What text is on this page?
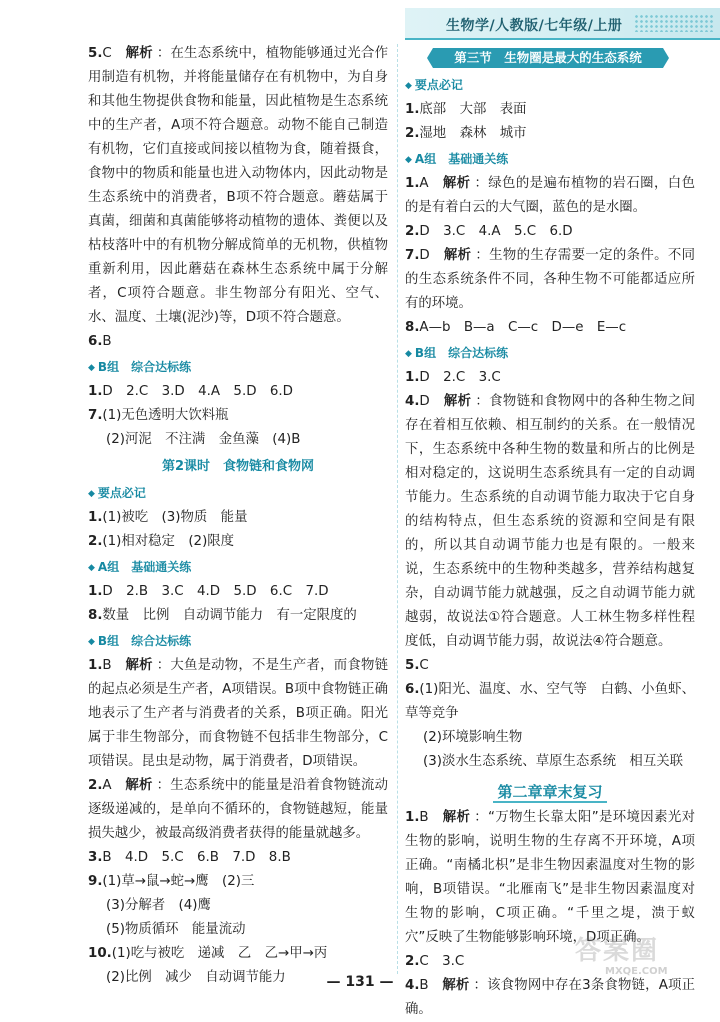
生物学/人教版/七年级/上册
5.C　解析 ：在生态系统中，植物能够通过光合作用制造有机物，并将能量储存在有机物中，为自身和其他生物提供食物和能量，因此植物是生态系统中的生产者，A项不符合题意。动物不能自己制造有机物，它们直接或间接以植物为食，随着摄食，食物中的物质和能量也进入动物体内，因此动物是生态系统中的消费者，B项不符合题意。蘑菇属于真菌，细菌和真菌能够将动植物的遗体、粪便以及枯枝落叶中的有机物分解成简单的无机物，供植物重新利用，因此蘑菇在森林生态系统中属于分解者，C项符合题意。非生物部分有阳光、空气、水、温度、土壤(泥沙)等，D项不符合题意。
6.B
◆ B组　综合达标练
1.D　2.C　3.D　4.A　5.D　6.D
7.(1)无色透明大饮料瓶
(2)河泥　不注满　金鱼藻　(4)B
第2课时　食物链和食物网
◆ 要点必记
1.(1)被吃　(3)物质　能量
2.(1)相对稳定　(2)限度
◆ A组　基础通关练
1.D　2.B　3.C　4.D　5.D　6.C　7.D
8.数量　比例　自动调节能力　有一定限度的
◆ B组　综合达标练
1.B　解析 ：大鱼是动物，不是生产者，而食物链的起点必须是生产者，A项错误。B项中食物链正确地表示了生产者与消费者的关系，B项正确。阳光属于非生物部分，而食物链不包括非生物部分，C项错误。昆虫是动物，属于消费者，D项错误。
2.A　解析 ：生态系统中的能量是沿着食物链流动逐级递减的，是单向不循环的，食物链越短，能量损失越少，被最高级消费者获得的能量就越多。
3.B　4.D　5.C　6.B　7.D　8.B
9.(1)草→鼠→蛇→鹰　(2)三
(3)分解者　(4)鹰
(5)物质循环　能量流动
10.(1)吃与被吃　递减　乙　乙→甲→丙
(2)比例　减少　自动调节能力
第三节　生物圈是最大的生态系统
◆ 要点必记
1.底部　大部　表面
2.湿地　森林　城市
◆ A组　基础通关练
1.A　解析 ：绿色的是遍布植物的岩石圈，白色的是有着白云的大气圈，蓝色的是水圈。
2.D　3.C　4.A　5.C　6.D
7.D　解析 ：生物的生存需要一定的条件。不同的生态系统条件不同，各种生物不可能都适应所有的环境。
8.A—b　B—a　C—c　D—e　E—c
◆ B组　综合达标练
1.D　2.C　3.C
4.D　解析 ：食物链和食物网中的各种生物之间存在着相互依赖、相互制约的关系。在一般情况下，生态系统中各种生物的数量和所占的比例是相对稳定的，这说明生态系统具有一定的自动调节能力。生态系统的自动调节能力取决于它自身的结构特点，但生态系统的资源和空间是有限的，所以其自动调节能力也是有限的。一般来说，生态系统中的生物种类越多，营养结构越复杂，自动调节能力就越强，反之自动调节能力就越弱，故说法①符合题意。人工林生物多样性程度低，自动调节能力弱，故说法④符合题意。
5.C
6.(1)阳光、温度、水、空气等　白鹤、小鱼虾、草等竞争
(2)环境影响生物
(3)淡水生态系统、草原生态系统　相互关联
第二章章末复习
1.B　解析 ：“万物生长靠太阳”是环境因素光对生物的影响，说明生物的生存离不开环境，A项正确。“南橘北枳”是非生物因素温度对生物的影响，B项错误。“北雁南飞”是非生物因素温度对生物的影响，C项正确。“千里之堤，溃于蚁穴”反映了生物能够影响环境，D项正确。
2.C　3.C
4.B　解析 ：该食物网中存在3条食物链，A项正确。
— 131 —
答案圈
MXQE.COM
